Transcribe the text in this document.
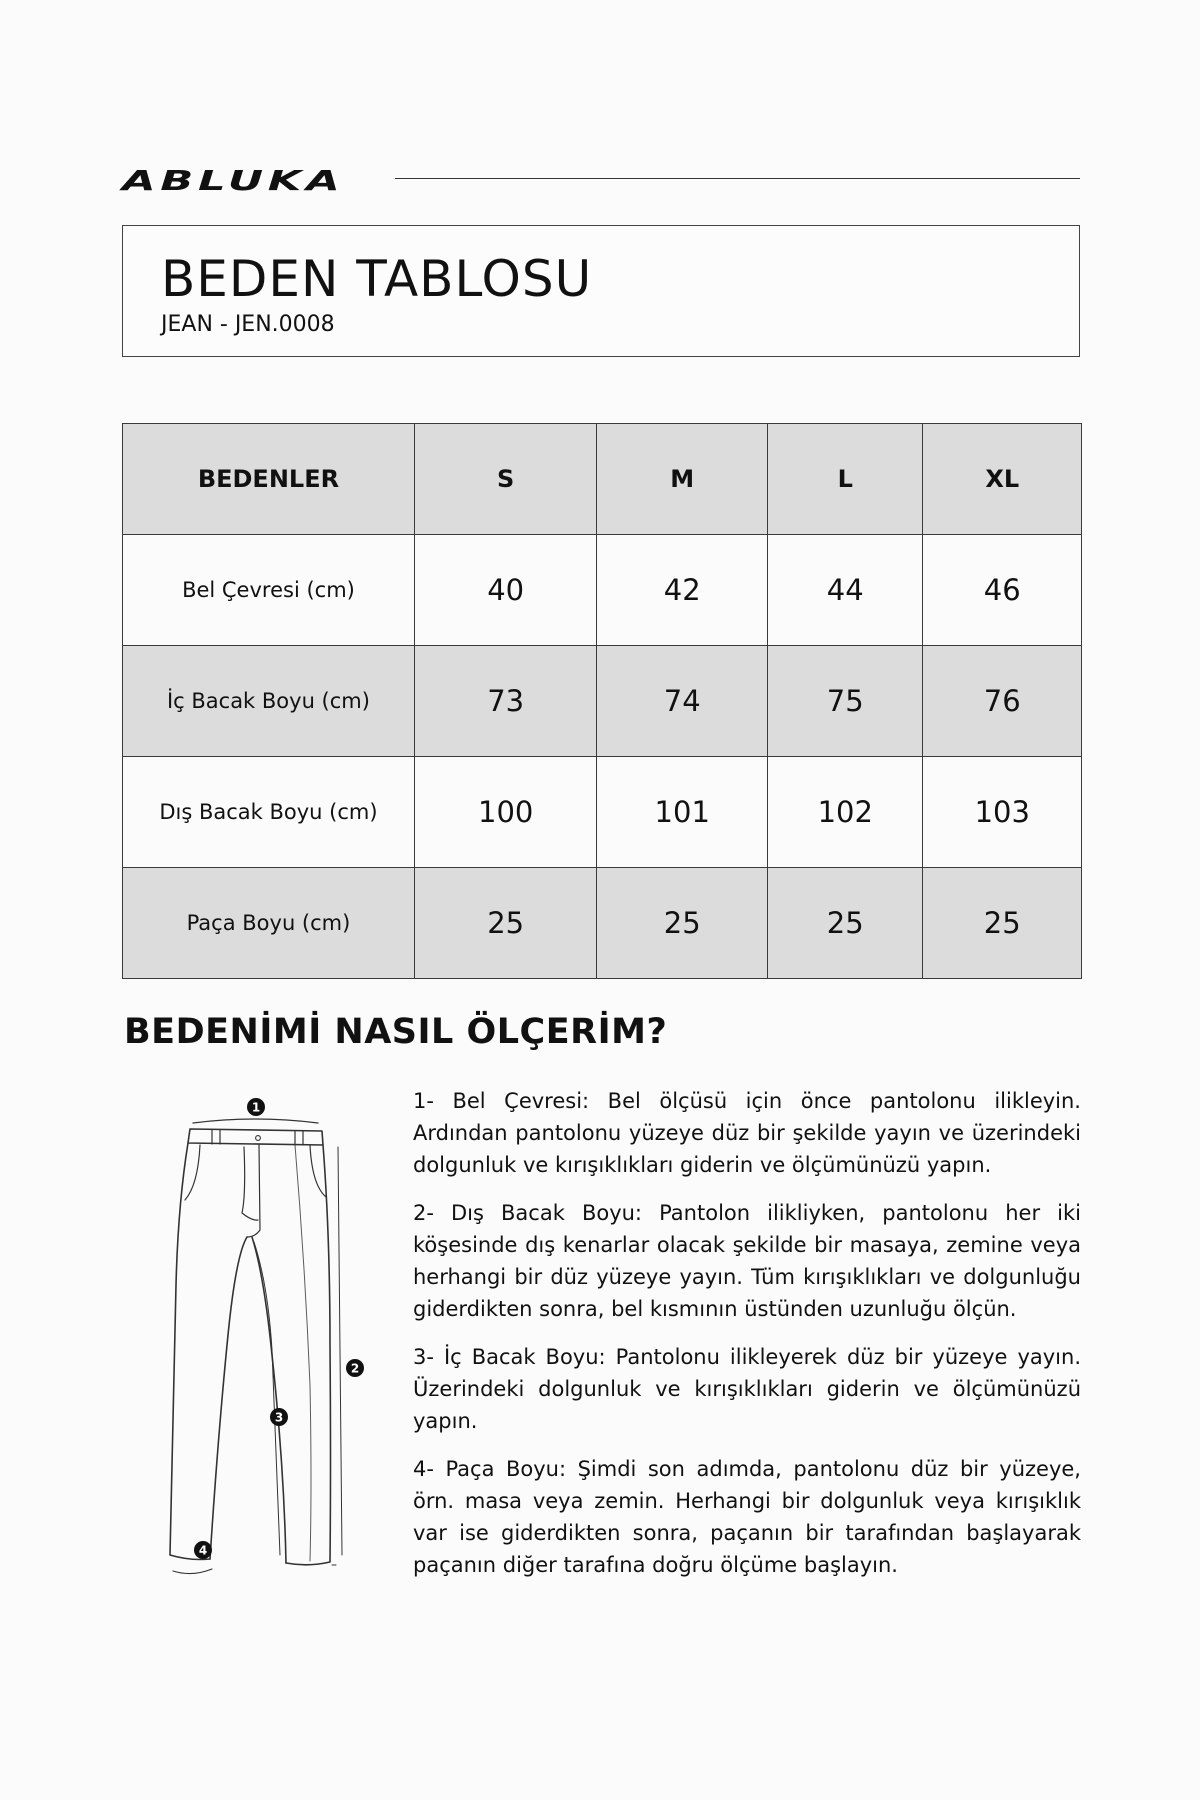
ABLUKA
BEDEN TABLOSU
JEAN - JEN.0008
BEDENLER	S	M	L	XL
Bel Çevresi (cm)	40	42	44	46
İç Bacak Boyu (cm)	73	74	75	76
Dış Bacak Boyu (cm)	100	101	102	103
Paça Boyu (cm)	25	25	25	25
BEDENİMİ NASIL ÖLÇERİM?
1
2
3
4

1- Bel Çevresi: Bel ölçüsü için önce pantolonu ilikleyin. Ardından pantolonu yüzeye düz bir şekilde yayın ve üzerindeki dolgunluk ve kırışıklıkları giderin ve ölçümünüzü yapın.

2- Dış Bacak Boyu: Pantolon ilikliyken, pantolonu her iki köşesinde dış kenarlar olacak şekilde bir masaya, zemine veya herhangi bir düz yüzeye yayın. Tüm kırışıklıkları ve dolgunluğu giderdikten sonra, bel kısmının üstünden uzunluğu ölçün.

3- İç Bacak Boyu: Pantolonu ilikleyerek düz bir yüzeye yayın. Üzerindeki dolgunluk ve kırışıklıkları giderin ve ölçümünüzü yapın.

4- Paça Boyu: Şimdi son adımda, pantolonu düz bir yüzeye, örn. masa veya zemin. Herhangi bir dolgunluk veya kırışıklık var ise giderdikten sonra, paçanın bir tarafından başlayarak paçanın diğer tarafına doğru ölçüme başlayın.
